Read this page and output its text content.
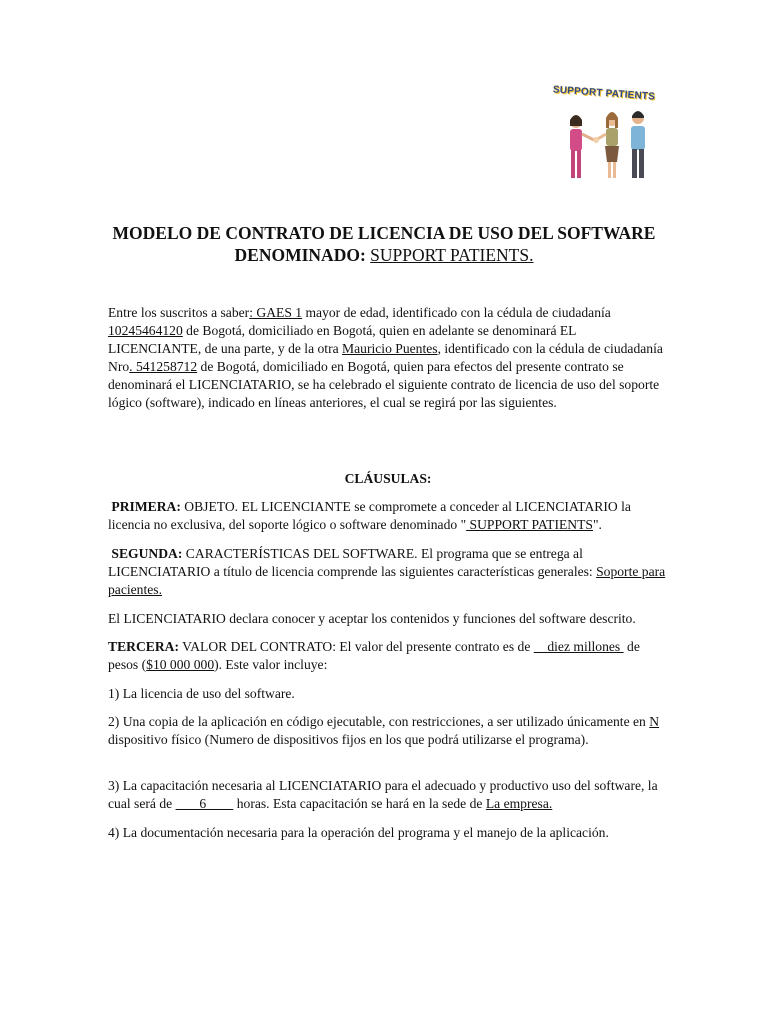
SUPPORT PATIENTS
MODELO DE CONTRATO DE LICENCIA DE USO DEL SOFTWARE
DENOMINADO: SUPPORT PATIENTS.
Entre los suscritos a saber: GAES 1 mayor de edad, identificado con la cédula de ciudadanía 10245464120 de Bogotá, domiciliado en Bogotá, quien en adelante se denominará EL LICENCIANTE, de una parte, y de la otra Mauricio Puentes, identificado con la cédula de ciudadanía Nro. 541258712 de Bogotá, domiciliado en Bogotá, quien para efectos del presente contrato se denominará el LICENCIATARIO, se ha celebrado el siguiente contrato de licencia de uso del soporte lógico (software), indicado en líneas anteriores, el cual se regirá por las siguientes.
CLÁUSULAS:
PRIMERA: OBJETO. EL LICENCIANTE se compromete a conceder al LICENCIATARIO la licencia no exclusiva, del soporte lógico o software denominado " SUPPORT PATIENTS".
SEGUNDA: CARACTERÍSTICAS DEL SOFTWARE. El programa que se entrega al LICENCIATARIO a título de licencia comprende las siguientes características generales: Soporte para pacientes.
El LICENCIATARIO declara conocer y aceptar los contenidos y funciones del software descrito.
TERCERA: VALOR DEL CONTRATO: El valor del presente contrato es de     diez millones  de pesos ($10 000 000). Este valor incluye:
1) La licencia de uso del software.
2) Una copia de la aplicación en código ejecutable, con restricciones, a ser utilizado únicamente en N dispositivo físico (Numero de dispositivos fijos en los que podrá utilizarse el programa).
3) La capacitación necesaria al LICENCIATARIO para el adecuado y productivo uso del software, la cual será de        6         horas. Esta capacitación se hará en la sede de La empresa.
4) La documentación necesaria para la operación del programa y el manejo de la aplicación.
